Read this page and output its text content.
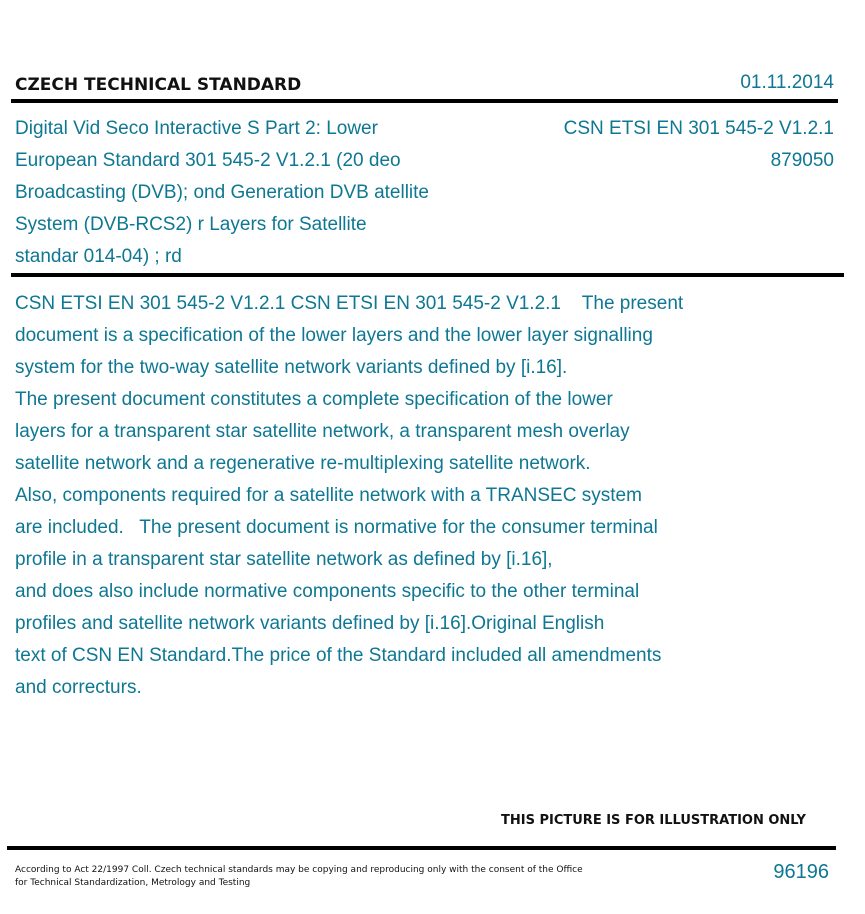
CZECH TECHNICAL STANDARD	01.11.2014
Digital Vid Seco Interactive S Part 2: Lower
European Standard 301 545-2 V1.2.1 (20 deo
Broadcasting (DVB); ond Generation DVB atellite
System (DVB-RCS2) r Layers for Satellite
standar 014-04) ; rd
CSN ETSI EN 301 545-2 V1.2.1
879050
CSN ETSI EN 301 545-2 V1.2.1 CSN ETSI EN 301 545-2 V1.2.1    The present
document is a specification of the lower layers and the lower layer signalling
system for the two-way satellite network variants defined by [i.16].
The present document constitutes a complete specification of the lower
layers for a transparent star satellite network, a transparent mesh overlay
satellite network and a regenerative re-multiplexing satellite network.
Also, components required for a satellite network with a TRANSEC system
are included.   The present document is normative for the consumer terminal
profile in a transparent star satellite network as defined by [i.16],
and does also include normative components specific to the other terminal
profiles and satellite network variants defined by [i.16].Original English
text of CSN EN Standard.The price of the Standard included all amendments
and correcturs.
THIS PICTURE IS FOR ILLUSTRATION ONLY
According to Act 22/1997 Coll. Czech technical standards may be copying and reproducing only with the consent of the Office
for Technical Standardization, Metrology and Testing	96196
